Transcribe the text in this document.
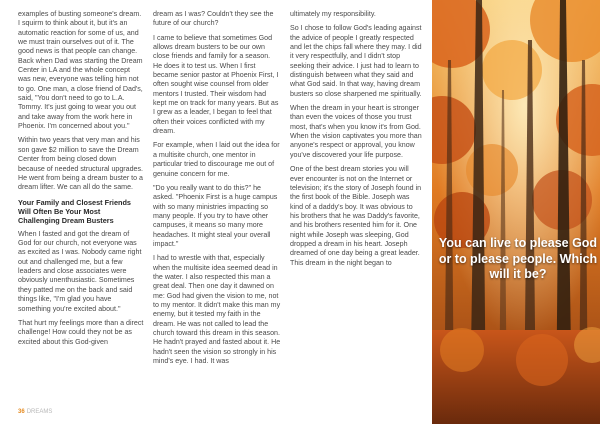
examples of busting someone's dream. I squirm to think about it, but it's an automatic reaction for some of us, and we must train ourselves out of it. The good news is that people can change. Back when Dad was starting the Dream Center in LA and the whole concept was new, everyone was telling him not to go. One man, a close friend of Dad's, said, "You don't need to go to L.A. Tommy. It's just going to wear you out and take away from the work here in Phoenix. I'm concerned about you."

Within two years that very man and his son gave $2 million to save the Dream Center from being closed down because of needed structural upgrades. He went from being a dream buster to a dream lifter. We can all do the same.

Your Family and Closest Friends Will Often Be Your Most Challenging Dream Busters

When I fasted and got the dream of God for our church, not everyone was as excited as I was. Nobody came right out and challenged me, but a few leaders and close associates were obviously unenthusiastic. Sometimes they patted me on the back and said things like, "I'm glad you have something you're excited about."

That hurt my feelings more than a direct challenge! How could they not be as excited about this God-given

dream as I was? Couldn't they see the future of our church?

I came to believe that sometimes God allows dream busters to be our own close friends and family for a season. He does it to test us. When I first became senior pastor at Phoenix First, I often sought wise counsel from older mentors I trusted. Their wisdom had kept me on track for many years. But as I grew as a leader, I began to feel that often their voices conflicted with my dream.

For example, when I laid out the idea for a multisite church, one mentor in particular tried to discourage me out of genuine concern for me.

"Do you really want to do this?" he asked. "Phoenix First is a huge campus with so many ministries impacting so many people. If you try to have other campuses, it means so many more headaches. It might steal your overall impact."

I had to wrestle with that, especially when the multisite idea seemed dead in the water. I also respected this man a great deal. Then one day it dawned on me: God had given the vision to me, not to my mentor. It didn't make this man my enemy, but it tested my faith in the dream. He was not called to lead the church toward this dream in this season. He hadn't prayed and fasted about it. He hadn't seen the vision so strongly in his mind's eye. I had. It was

ultimately my responsibility.

So I chose to follow God's leading against the advice of people I greatly respected and let the chips fall where they may. I did it very respectfully, and I didn't stop seeking their advice. I just had to learn to distinguish between what they said and what God said. In that way, having dream busters so close sharpened me spiritually.

When the dream in your heart is stronger than even the voices of those you trust most, that's when you know it's from God. When the vision captivates you more than anyone's respect or approval, you know you've discovered your life purpose.

One of the best dream stories you will ever encounter is not on the Internet or television; it's the story of Joseph found in the first book of the Bible. Joseph was kind of a daddy's boy. It was obvious to his brothers that he was Daddy's favorite, and his brothers resented him for it. One night while Joseph was sleeping, God dropped a dream in his heart. Joseph dreamed of one day being a great leader. This dream in the night began to

You can live to please God or to please people. Which will it be?
36 DREAMS
